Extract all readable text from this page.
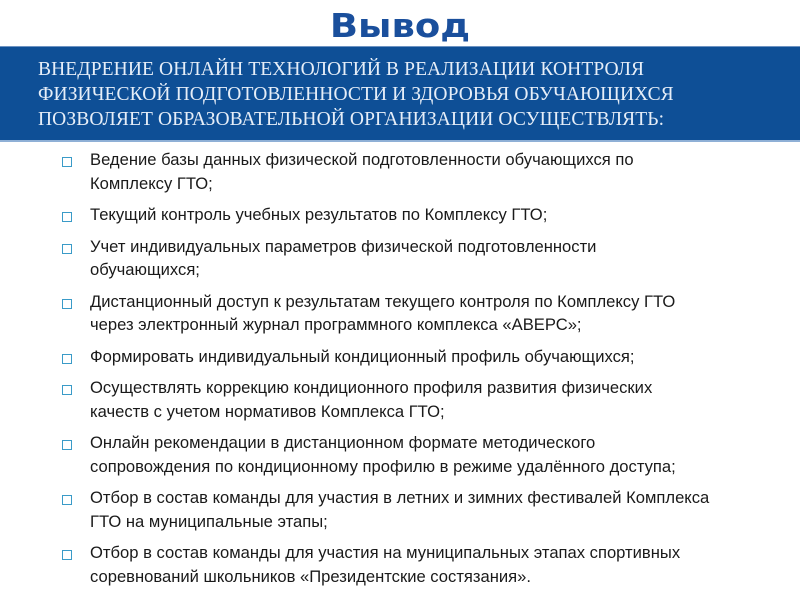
Вывод
ВНЕДРЕНИЕ ОНЛАЙН ТЕХНОЛОГИЙ В РЕАЛИЗАЦИИ КОНТРОЛЯ
ФИЗИЧЕСКОЙ ПОДГОТОВЛЕННОСТИ И ЗДОРОВЬЯ ОБУЧАЮЩИХСЯ
ПОЗВОЛЯЕТ ОБРАЗОВАТЕЛЬНОЙ ОРГАНИЗАЦИИ ОСУЩЕСТВЛЯТЬ:
Ведение базы данных физической подготовленности обучающихся по
Комплексу ГТО;
Текущий контроль учебных результатов по Комплексу ГТО;
Учет индивидуальных параметров физической подготовленности
обучающихся;
Дистанционный доступ к результатам текущего контроля по Комплексу ГТО
через электронный журнал программного комплекса «АВЕРС»;
Формировать индивидуальный кондиционный профиль обучающихся;
Осуществлять коррекцию кондиционного профиля развития физических
качеств с учетом нормативов Комплекса ГТО;
Онлайн рекомендации в дистанционном формате методического
сопровождения по кондиционному профилю в режиме удалённого доступа;
Отбор в состав команды для участия в летних и зимних фестивалей Комплекса
ГТО на муниципальные этапы;
Отбор в состав команды для участия на муниципальных этапах спортивных
соревнований школьников «Президентские состязания».
